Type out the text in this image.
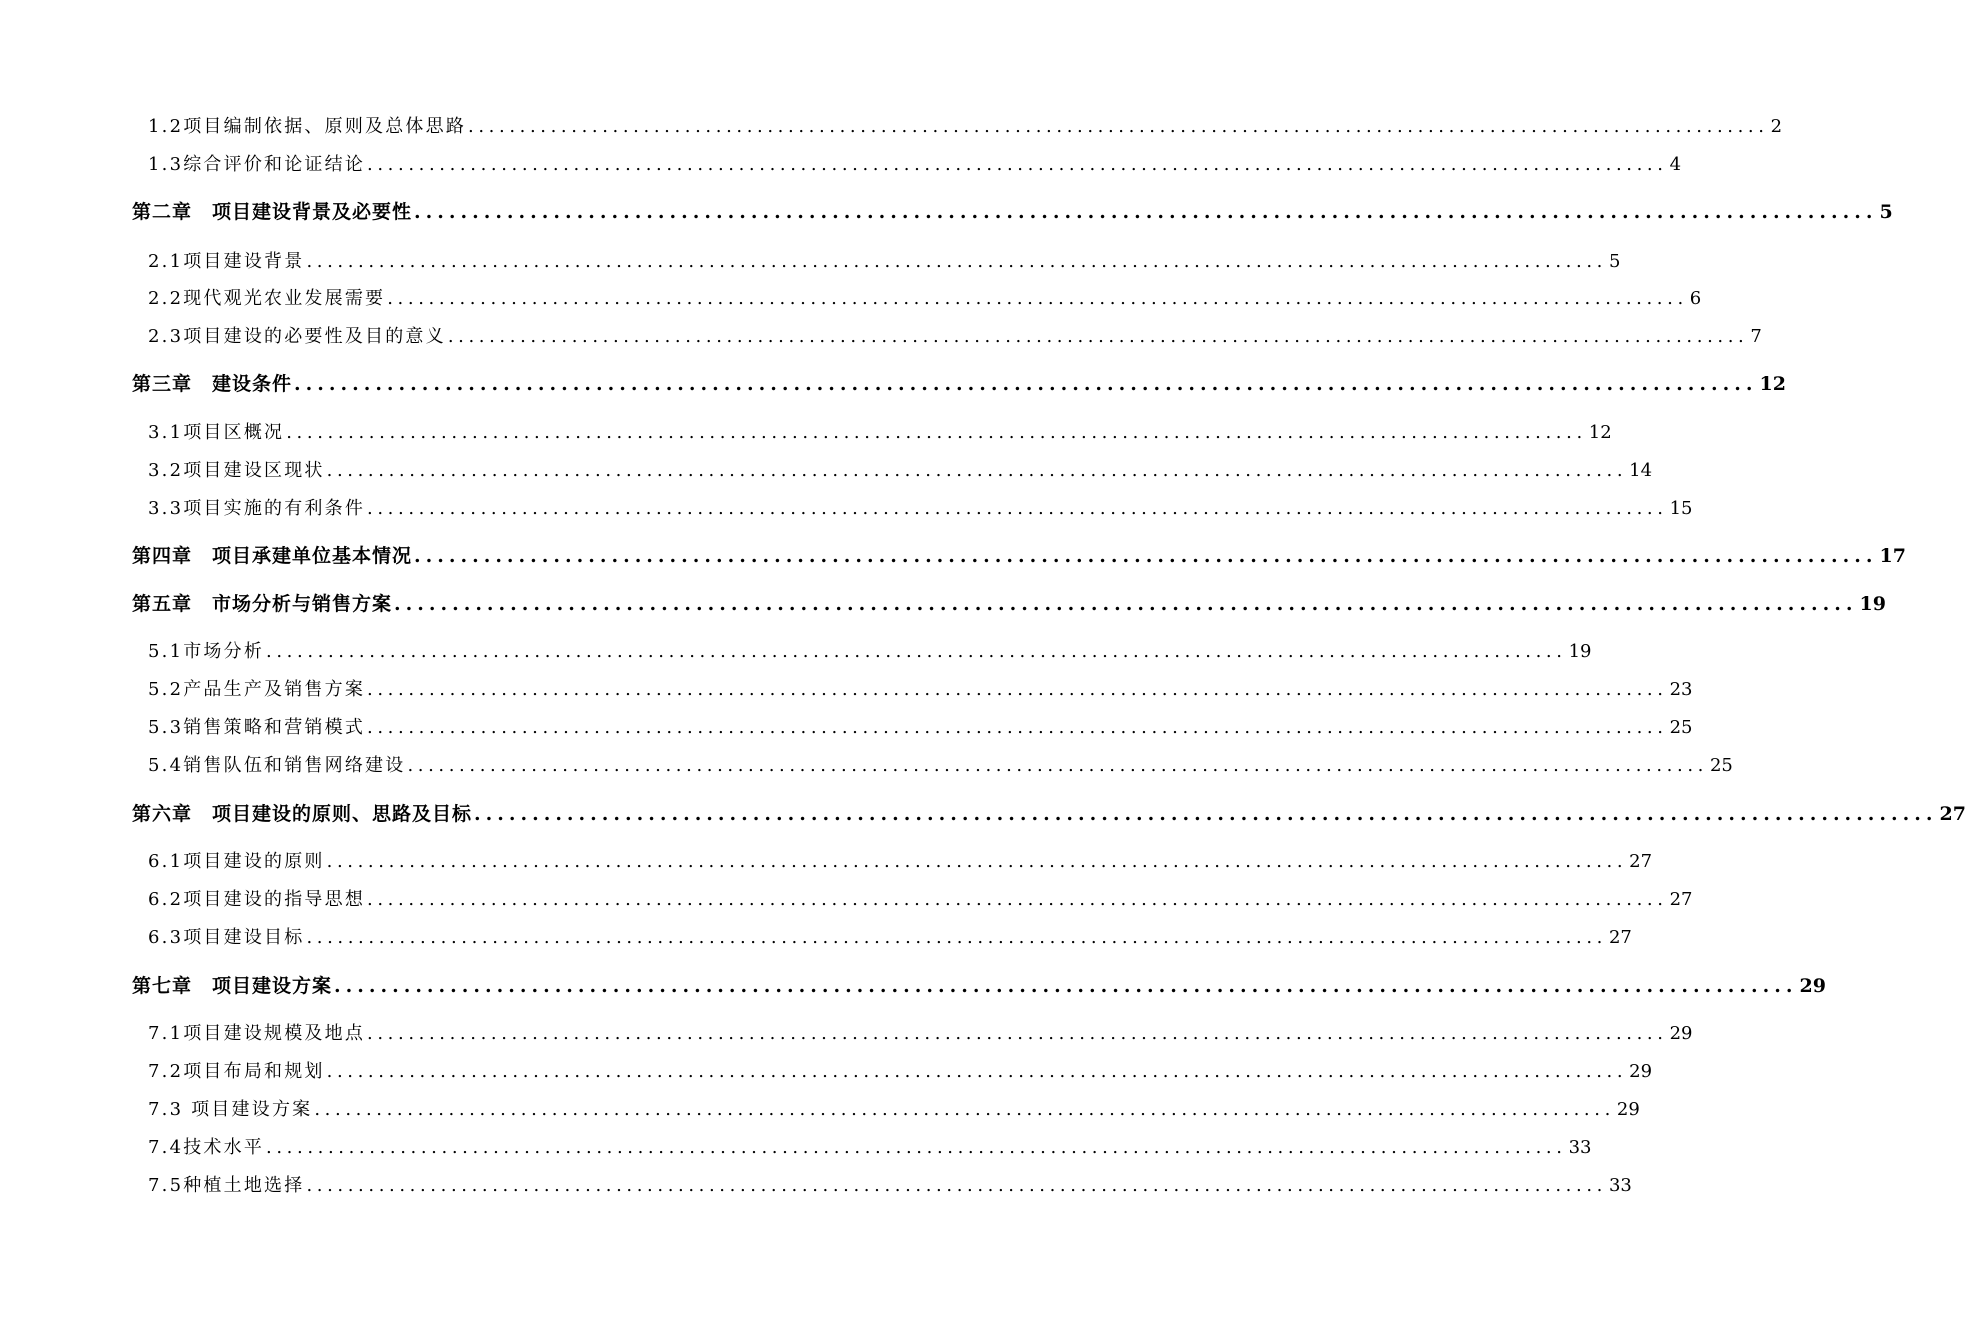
1.2项目编制依据、原则及总体思路 .............................................................................................................................. 2
1.3综合评价和论证结论 .............................................................................................................................. 4
第二章　项目建设背景及必要性 .............................................................................................................................. 5
2.1项目建设背景 .............................................................................................................................. 5
2.2现代观光农业发展需要 .............................................................................................................................. 6
2.3项目建设的必要性及目的意义 .............................................................................................................................. 7
第三章　建设条件 .............................................................................................................................. 12
3.1项目区概况 .............................................................................................................................. 12
3.2项目建设区现状 .............................................................................................................................. 14
3.3项目实施的有利条件 .............................................................................................................................. 15
第四章　项目承建单位基本情况 .............................................................................................................................. 17
第五章　市场分析与销售方案 .............................................................................................................................. 19
5.1市场分析 .............................................................................................................................. 19
5.2产品生产及销售方案 .............................................................................................................................. 23
5.3销售策略和营销模式 .............................................................................................................................. 25
5.4销售队伍和销售网络建设 .............................................................................................................................. 25
第六章　项目建设的原则、思路及目标 .............................................................................................................................. 27
6.1项目建设的原则 .............................................................................................................................. 27
6.2项目建设的指导思想 .............................................................................................................................. 27
6.3项目建设目标 .............................................................................................................................. 27
第七章　项目建设方案 .............................................................................................................................. 29
7.1项目建设规模及地点 .............................................................................................................................. 29
7.2项目布局和规划 .............................................................................................................................. 29
7.3 项目建设方案 .............................................................................................................................. 29
7.4技术水平 .............................................................................................................................. 33
7.5种植土地选择 .............................................................................................................................. 33
